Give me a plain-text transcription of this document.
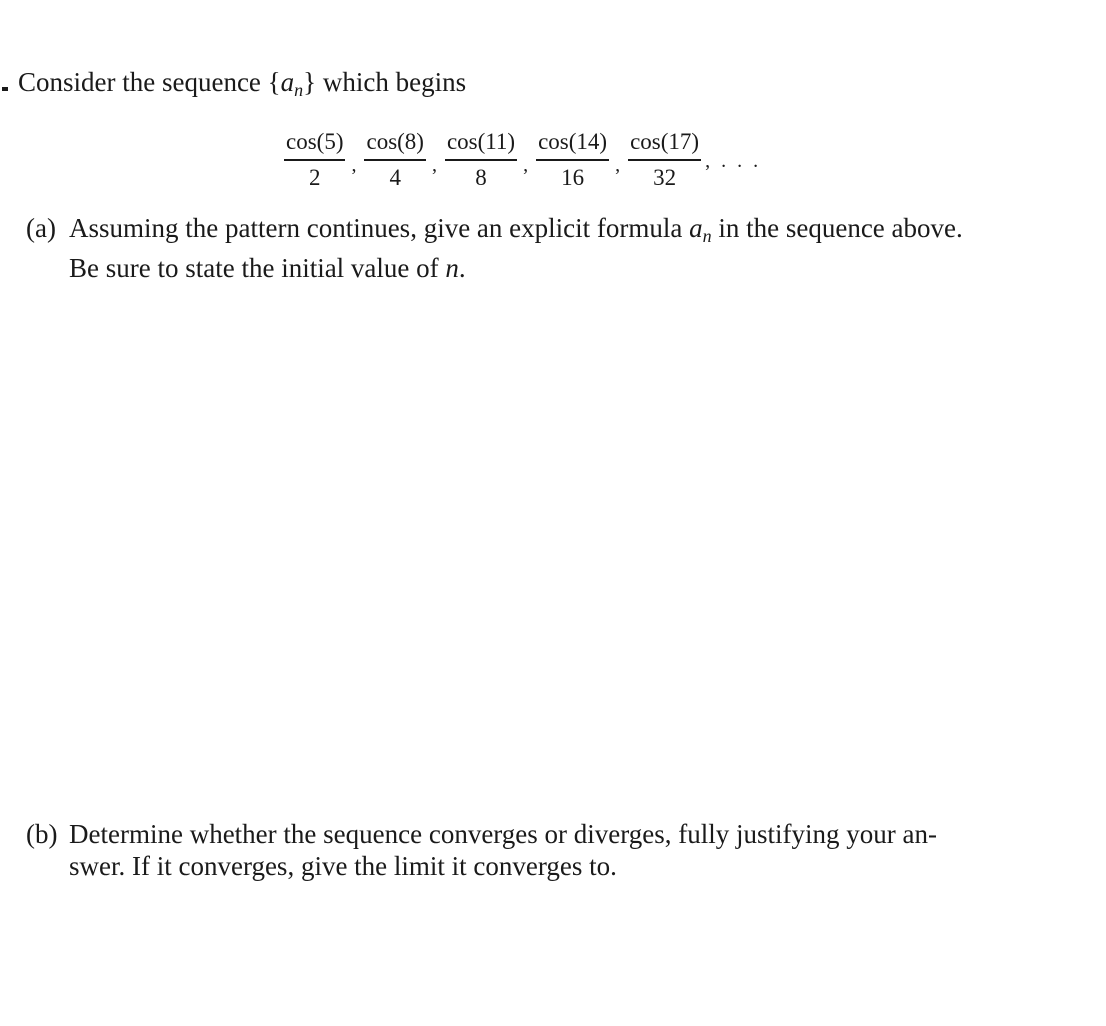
Consider the sequence $\{a_n\}$ which begins
$\frac{\cos(5)}{2}$ , $\frac{\cos(8)}{4}$ , $\frac{\cos(11)}{8}$ , $\frac{\cos(14)}{16}$ , $\frac{\cos(17)}{32}$ , . . .
(a) Assuming the pattern continues, give an explicit formula an in the sequence above.
Be sure to state the initial value of n.
(b) Determine whether the sequence converges or diverges, fully justifying your an-
swer. If it converges, give the limit it converges to.
